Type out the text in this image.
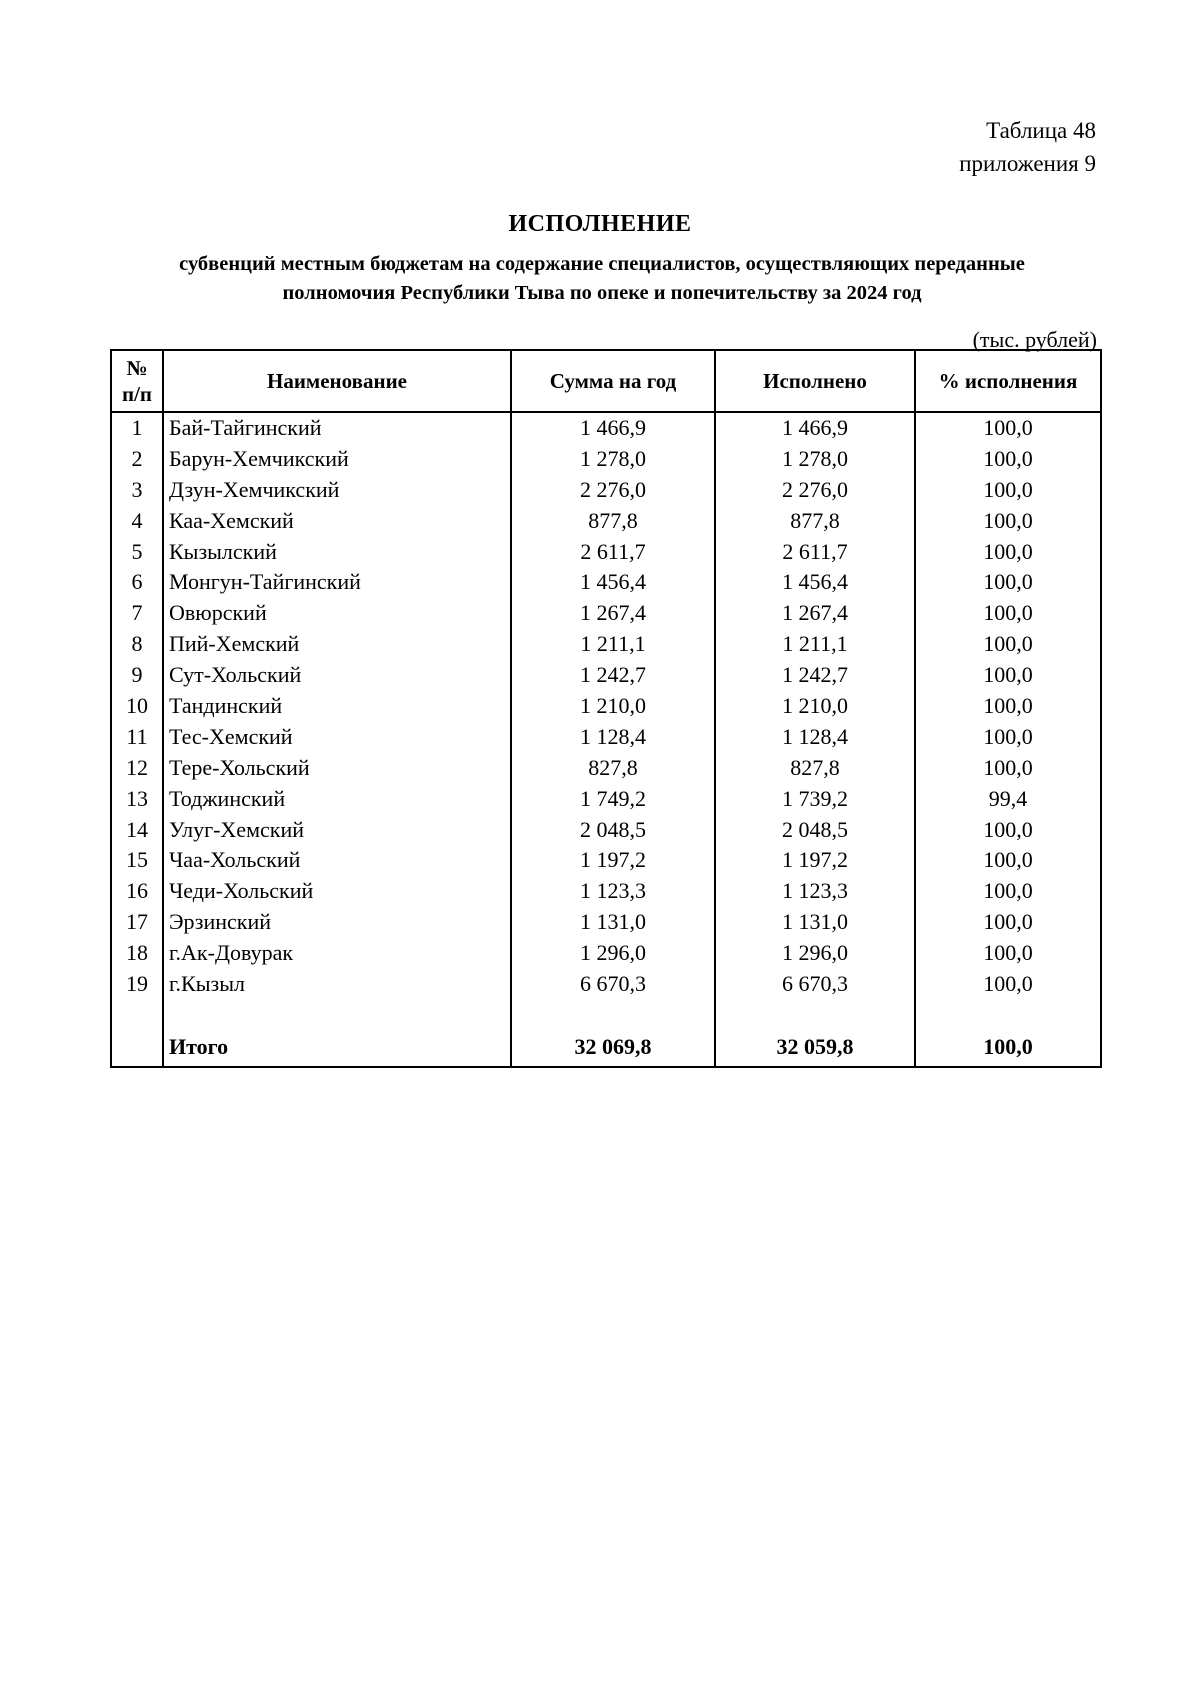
Таблица 48
приложения 9
ИСПОЛНЕНИЕ
субвенций местным бюджетам на содержание специалистов, осуществляющих переданные
полномочия Республики Тыва по опеке и попечительству за 2024 год
(тыс. рублей)
№
п/п	Наименование	Сумма на год	Исполнено	% исполнения
1	Бай-Тайгинский	1 466,9	1 466,9	100,0
2	Барун-Хемчикский	1 278,0	1 278,0	100,0
3	Дзун-Хемчикский	2 276,0	2 276,0	100,0
4	Каа-Хемский	877,8	877,8	100,0
5	Кызылский	2 611,7	2 611,7	100,0
6	Монгун-Тайгинский	1 456,4	1 456,4	100,0
7	Овюрский	1 267,4	1 267,4	100,0
8	Пий-Хемский	1 211,1	1 211,1	100,0
9	Сут-Хольский	1 242,7	1 242,7	100,0
10	Тандинский	1 210,0	1 210,0	100,0
11	Тес-Хемский	1 128,4	1 128,4	100,0
12	Тере-Хольский	827,8	827,8	100,0
13	Тоджинский	1 749,2	1 739,2	99,4
14	Улуг-Хемский	2 048,5	2 048,5	100,0
15	Чаа-Хольский	1 197,2	1 197,2	100,0
16	Чеди-Хольский	1 123,3	1 123,3	100,0
17	Эрзинский	1 131,0	1 131,0	100,0
18	г.Ак-Довурак	1 296,0	1 296,0	100,0
19	г.Кызыл	6 670,3	6 670,3	100,0

	Итого	32 069,8	32 059,8	100,0
